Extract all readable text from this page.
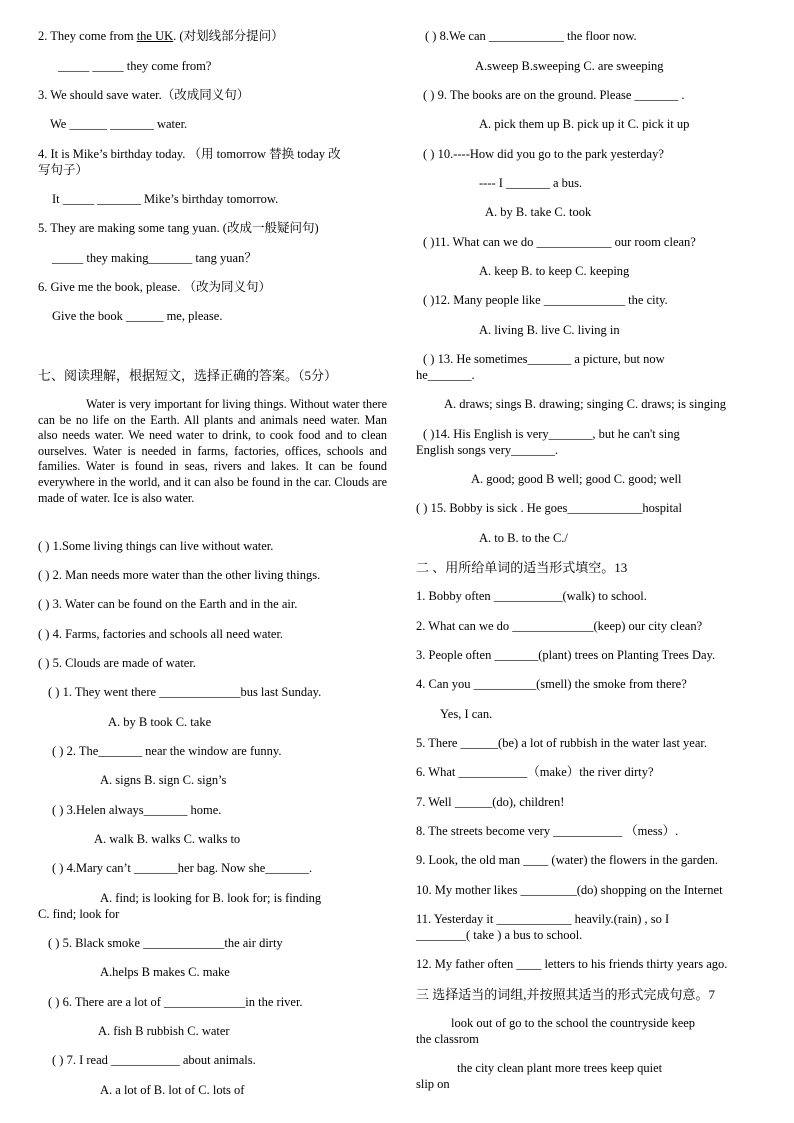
2. They come from the UK. (对划线部分提问）
_____ _____ they come from?
3. We should save water.（改成同义句）
We ______ _______ water.
4. It is Mike’s birthday today. （用 tomorrow 替换 today 改
写句子）
It _____ _______ Mike’s birthday tomorrow.
5. They are making some tang yuan. (改成一般疑问句)
_____ they making_______ tang yuan？
6. Give me the book, please. （改为同义句）
Give the book ______ me, please.
七、阅读理解，根据短文，选择正确的答案。（5分）
Water is very important for living things. Without water there can be no life on the Earth. All plants and animals need water. Man also needs water. We need water to drink, to cook food and to clean ourselves. Water is needed in farms, factories, offices, schools and families. Water is found in seas, rivers and lakes. It can be found everywhere in the world, and it can also be found in the car. Clouds are made of water. Ice is also water.
( ) 1.Some living things can live without water.
( ) 2. Man needs more water than the other living things.
( ) 3. Water can be found on the Earth and in the air.
( ) 4. Farms, factories and schools all need water.
( ) 5. Clouds are made of water.
( ) 1. They went there _____________bus last Sunday.
A. by B took C. take
( ) 2. The_______ near the window are funny.
A. signs B. sign C. sign’s
( ) 3.Helen always_______ home.
A. walk B. walks C. walks to
( ) 4.Mary can’t _______her bag. Now she_______.
A. find; is looking for B. look for; is finding
C. find; look for
( ) 5. Black smoke _____________the air dirty
A.helps B makes C. make
( ) 6. There are a lot of _____________in the river.
A. fish B rubbish C. water
( ) 7. I read ___________ about animals.
A. a lot of B. lot of C. lots of
( ) 8.We can ____________ the floor now.
A.sweep B.sweeping C. are sweeping
( ) 9. The books are on the ground. Please _______ .
A. pick them up B. pick up it C. pick it up
( ) 10.----How did you go to the park yesterday?
---- I _______ a bus.
A. by B. take C. took
( )11. What can we do ____________ our room clean?
A. keep B. to keep C. keeping
( )12. Many people like _____________ the city.
A. living B. live C. living in
( ) 13. He sometimes_______ a picture, but now
he_______.
A. draws; sings B. drawing; singing C. draws; is singing
( )14. His English is very_______, but he can't sing
English songs very_______.
A. good; good B well; good C. good; well
( ) 15. Bobby is sick . He goes____________hospital
A. to B. to the C./
二 、用所给单词的适当形式填空。13
1. Bobby often ___________(walk) to school.
2. What can we do _____________(keep) our city clean?
3. People often _______(plant) trees on Planting Trees Day.
4. Can you __________(smell) the smoke from there?
Yes, I can.
5. There ______(be) a lot of rubbish in the water last year.
6. What ___________（make）the river dirty?
7. Well ______(do), children!
8. The streets become very ___________ （mess）.
9. Look, the old man ____ (water) the flowers in the garden.
10. My mother likes _________(do) shopping on the Internet
11. Yesterday it ____________ heavily.(rain) , so I
________( take ) a bus to school.
12. My father often ____ letters to his friends thirty years ago.
三 选择适当的词组,并按照其适当的形式完成句意。7
look out of go to the school the countryside keep
the classrom
the city clean plant more trees keep quiet
slip on
